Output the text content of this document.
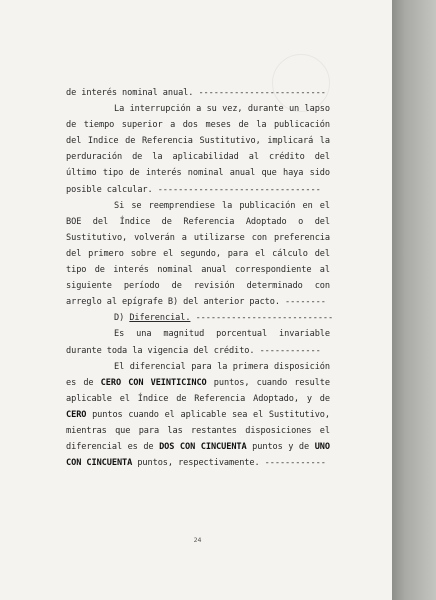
de interés nominal anual. -------------------------
La interrupción a su vez, durante un lapso
de tiempo superior a dos meses de la publicación
del Indice de Referencia Sustitutivo, implicará la
perduración de la aplicabilidad al crédito del
último tipo de interés nominal anual que haya sido
posible calcular. --------------------------------
Si se reemprendiese la publicación en el
BOE del Índice de Referencia Adoptado o del
Sustitutivo, volverán a utilizarse con preferencia
del primero sobre el segundo, para el cálculo del
tipo de interés nominal anual correspondiente al
siguiente período de revisión determinado con
arreglo al epígrafe B) del anterior pacto. --------
D) Diferencial. ---------------------------
Es una magnitud porcentual invariable
durante toda la vigencia del crédito. ------------
El diferencial para la primera disposición
es de CERO CON VEINTICINCO puntos, cuando resulte
aplicable el Índice de Referencia Adoptado, y de
CERO puntos cuando el aplicable sea el Sustitutivo,
mientras que para las restantes disposiciones el
diferencial es de DOS CON CINCUENTA puntos y de UNO
CON CINCUENTA puntos, respectivamente. ------------
24
